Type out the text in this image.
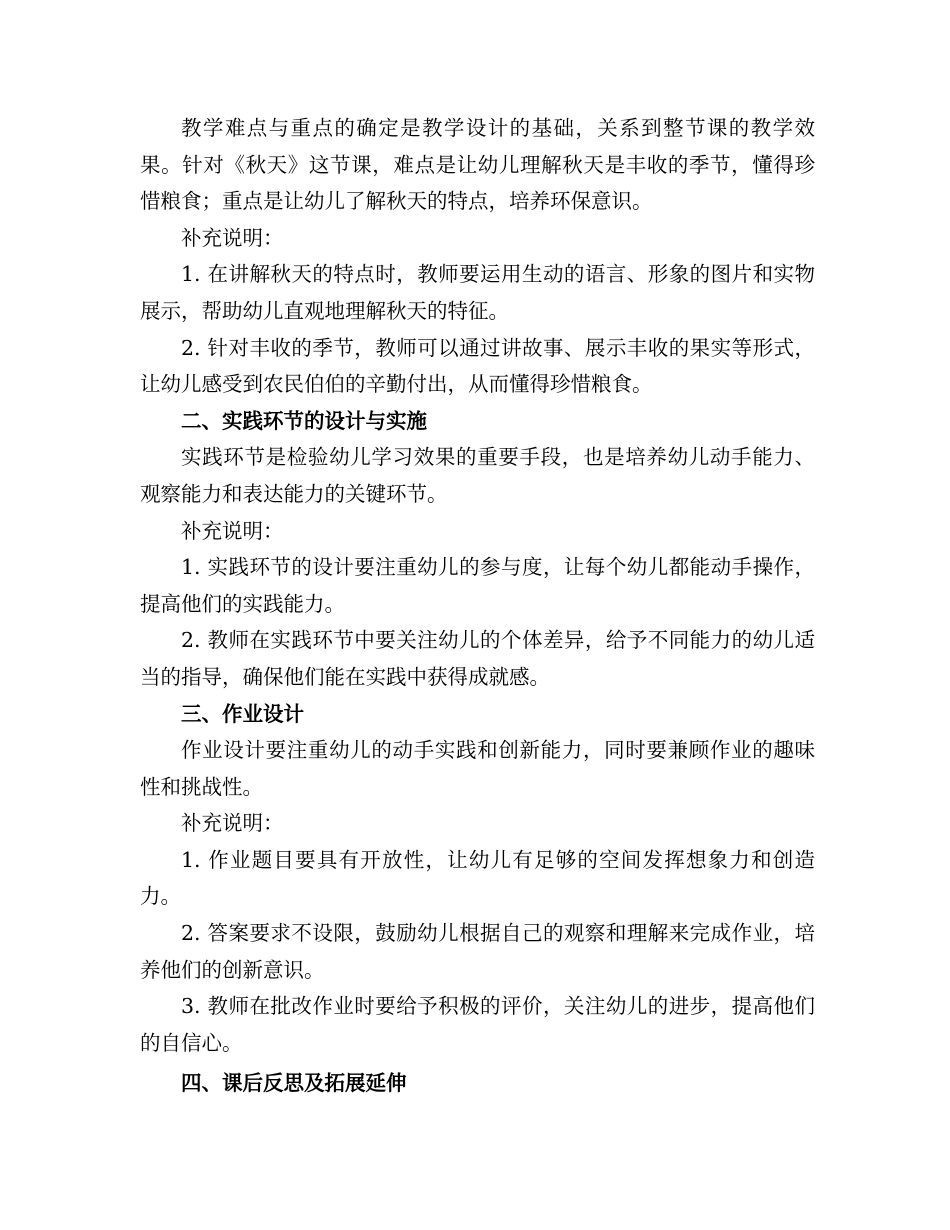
教学难点与重点的确定是教学设计的基础，关系到整节课的教学效果。针对《秋天》这节课，难点是让幼儿理解秋天是丰收的季节，懂得珍惜粮食；重点是让幼儿了解秋天的特点，培养环保意识。

补充说明：

1. 在讲解秋天的特点时，教师要运用生动的语言、形象的图片和实物展示，帮助幼儿直观地理解秋天的特征。

2. 针对丰收的季节，教师可以通过讲故事、展示丰收的果实等形式，让幼儿感受到农民伯伯的辛勤付出，从而懂得珍惜粮食。

二、实践环节的设计与实施

实践环节是检验幼儿学习效果的重要手段，也是培养幼儿动手能力、观察能力和表达能力的关键环节。

补充说明：

1. 实践环节的设计要注重幼儿的参与度，让每个幼儿都能动手操作，提高他们的实践能力。

2. 教师在实践环节中要关注幼儿的个体差异，给予不同能力的幼儿适当的指导，确保他们能在实践中获得成就感。

三、作业设计

作业设计要注重幼儿的动手实践和创新能力，同时要兼顾作业的趣味性和挑战性。

补充说明：

1. 作业题目要具有开放性，让幼儿有足够的空间发挥想象力和创造力。

2. 答案要求不设限，鼓励幼儿根据自己的观察和理解来完成作业，培养他们的创新意识。

3. 教师在批改作业时要给予积极的评价，关注幼儿的进步，提高他们的自信心。

四、课后反思及拓展延伸
